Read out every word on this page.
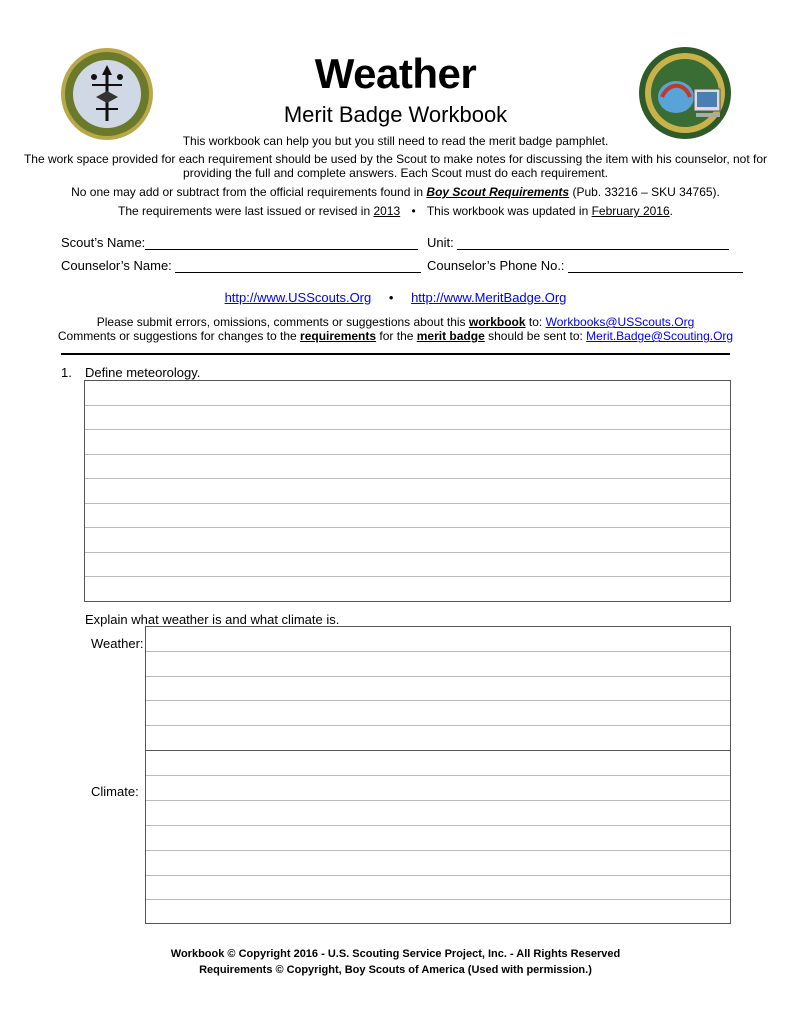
Weather
Merit Badge Workbook
This workbook can help you but you still need to read the merit badge pamphlet.
The work space provided for each requirement should be used by the Scout to make notes for discussing the item with his counselor, not for
providing the full and complete answers. Each Scout must do each requirement.
No one may add or subtract from the official requirements found in Boy Scout Requirements (Pub. 33216 – SKU 34765).
The requirements were last issued or revised in 2013 • This workbook was updated in February 2016.
Scout’s Name:	Unit:
Counselor’s Name:	Counselor’s Phone No.:
http://www.USScouts.Org • http://www.MeritBadge.Org
Please submit errors, omissions, comments or suggestions about this workbook to: Workbooks@USScouts.Org
Comments or suggestions for changes to the requirements for the merit badge should be sent to: Merit.Badge@Scouting.Org
1. Define meteorology.
Explain what weather is and what climate is.
Weather:
Climate:
Workbook © Copyright 2016 - U.S. Scouting Service Project, Inc. - All Rights Reserved
Requirements © Copyright, Boy Scouts of America (Used with permission.)
